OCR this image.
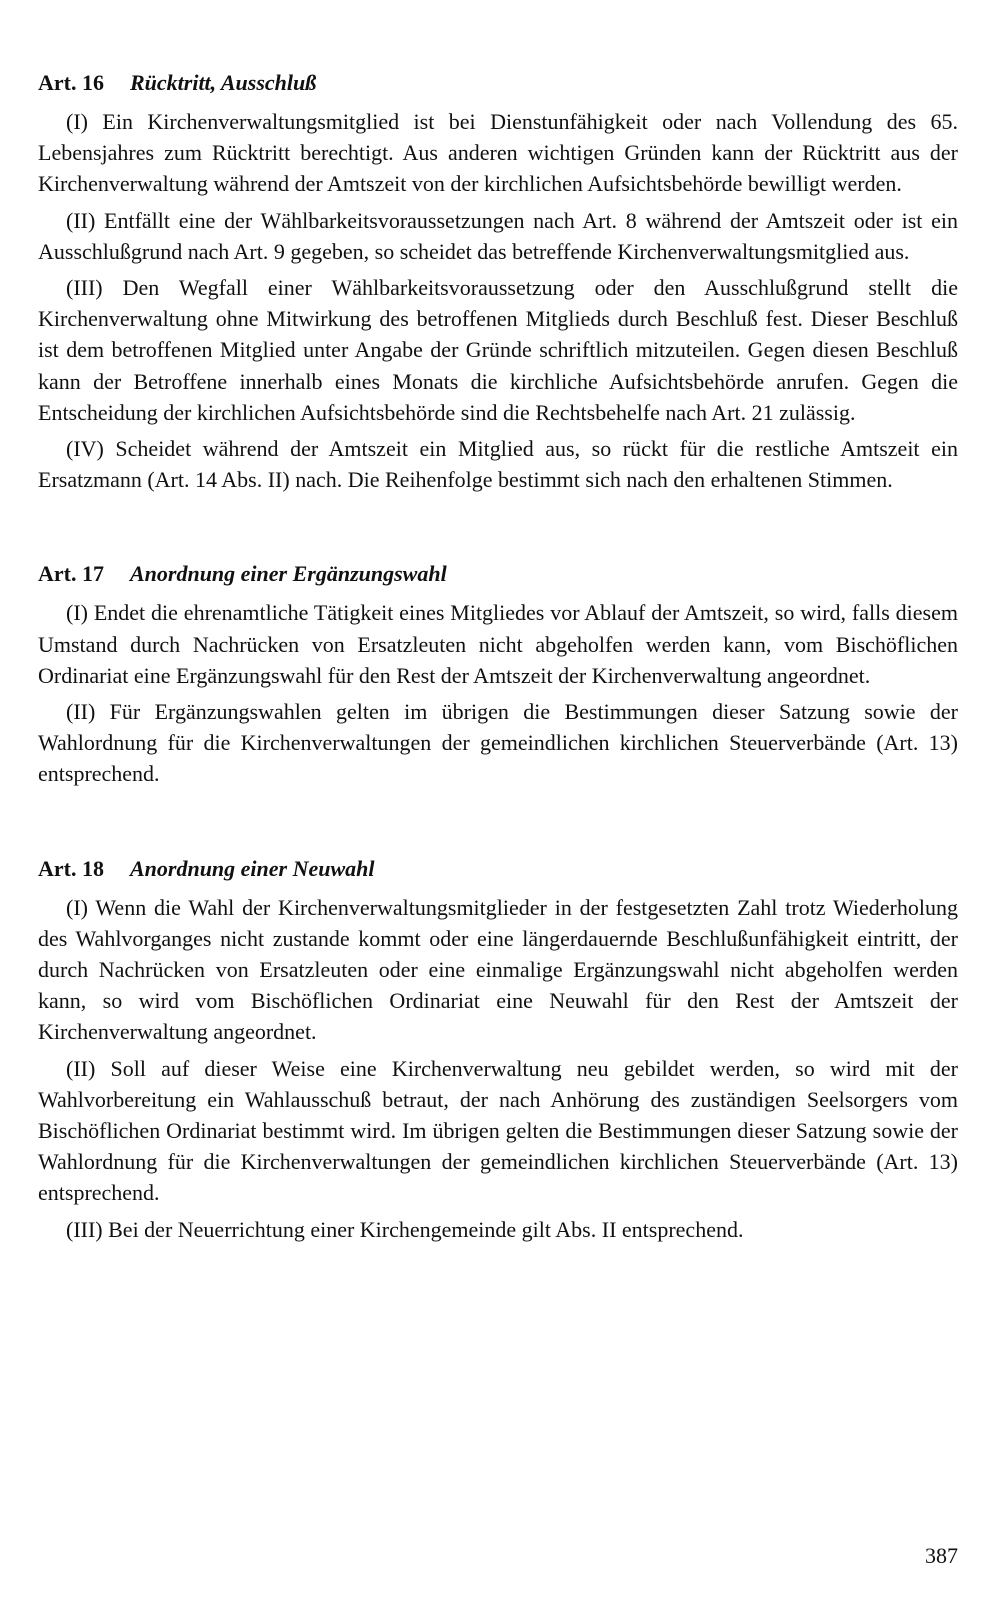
Art. 16 Rücktritt, Ausschluß

(I) Ein Kirchenverwaltungsmitglied ist bei Dienstunfähigkeit oder nach Vollendung des 65. Lebensjahres zum Rücktritt berechtigt. Aus anderen wichtigen Gründen kann der Rücktritt aus der Kirchenverwaltung während der Amtszeit von der kirchlichen Aufsichtsbehörde bewilligt werden.

(II) Entfällt eine der Wählbarkeitsvoraussetzungen nach Art. 8 während der Amtszeit oder ist ein Ausschlußgrund nach Art. 9 gegeben, so scheidet das betreffende Kirchenverwaltungsmitglied aus.

(III) Den Wegfall einer Wählbarkeitsvoraussetzung oder den Ausschlußgrund stellt die Kirchenverwaltung ohne Mitwirkung des betroffenen Mitglieds durch Beschluß fest. Dieser Beschluß ist dem betroffenen Mitglied unter Angabe der Gründe schriftlich mitzuteilen. Gegen diesen Beschluß kann der Betroffene innerhalb eines Monats die kirchliche Aufsichtsbehörde anrufen. Gegen die Entscheidung der kirchlichen Aufsichtsbehörde sind die Rechtsbehelfe nach Art. 21 zulässig.

(IV) Scheidet während der Amtszeit ein Mitglied aus, so rückt für die restliche Amtszeit ein Ersatzmann (Art. 14 Abs. II) nach. Die Reihenfolge bestimmt sich nach den erhaltenen Stimmen.

Art. 17 Anordnung einer Ergänzungswahl

(I) Endet die ehrenamtliche Tätigkeit eines Mitgliedes vor Ablauf der Amtszeit, so wird, falls diesem Umstand durch Nachrücken von Ersatzleuten nicht abgeholfen werden kann, vom Bischöflichen Ordinariat eine Ergänzungswahl für den Rest der Amtszeit der Kirchenverwaltung angeordnet.

(II) Für Ergänzungswahlen gelten im übrigen die Bestimmungen dieser Satzung sowie der Wahlordnung für die Kirchenverwaltungen der gemeindlichen kirchlichen Steuerverbände (Art. 13) entsprechend.

Art. 18 Anordnung einer Neuwahl

(I) Wenn die Wahl der Kirchenverwaltungsmitglieder in der festgesetzten Zahl trotz Wiederholung des Wahlvorganges nicht zustande kommt oder eine längerdauernde Beschlußunfähigkeit eintritt, der durch Nachrücken von Ersatzleuten oder eine einmalige Ergänzungswahl nicht abgeholfen werden kann, so wird vom Bischöflichen Ordinariat eine Neuwahl für den Rest der Amtszeit der Kirchenverwaltung angeordnet.

(II) Soll auf dieser Weise eine Kirchenverwaltung neu gebildet werden, so wird mit der Wahlvorbereitung ein Wahlausschuß betraut, der nach Anhörung des zuständigen Seelsorgers vom Bischöflichen Ordinariat bestimmt wird. Im übrigen gelten die Bestimmungen dieser Satzung sowie der Wahlordnung für die Kirchenverwaltungen der gemeindlichen kirchlichen Steuerverbände (Art. 13) entsprechend.

(III) Bei der Neuerrichtung einer Kirchengemeinde gilt Abs. II entsprechend.

387
